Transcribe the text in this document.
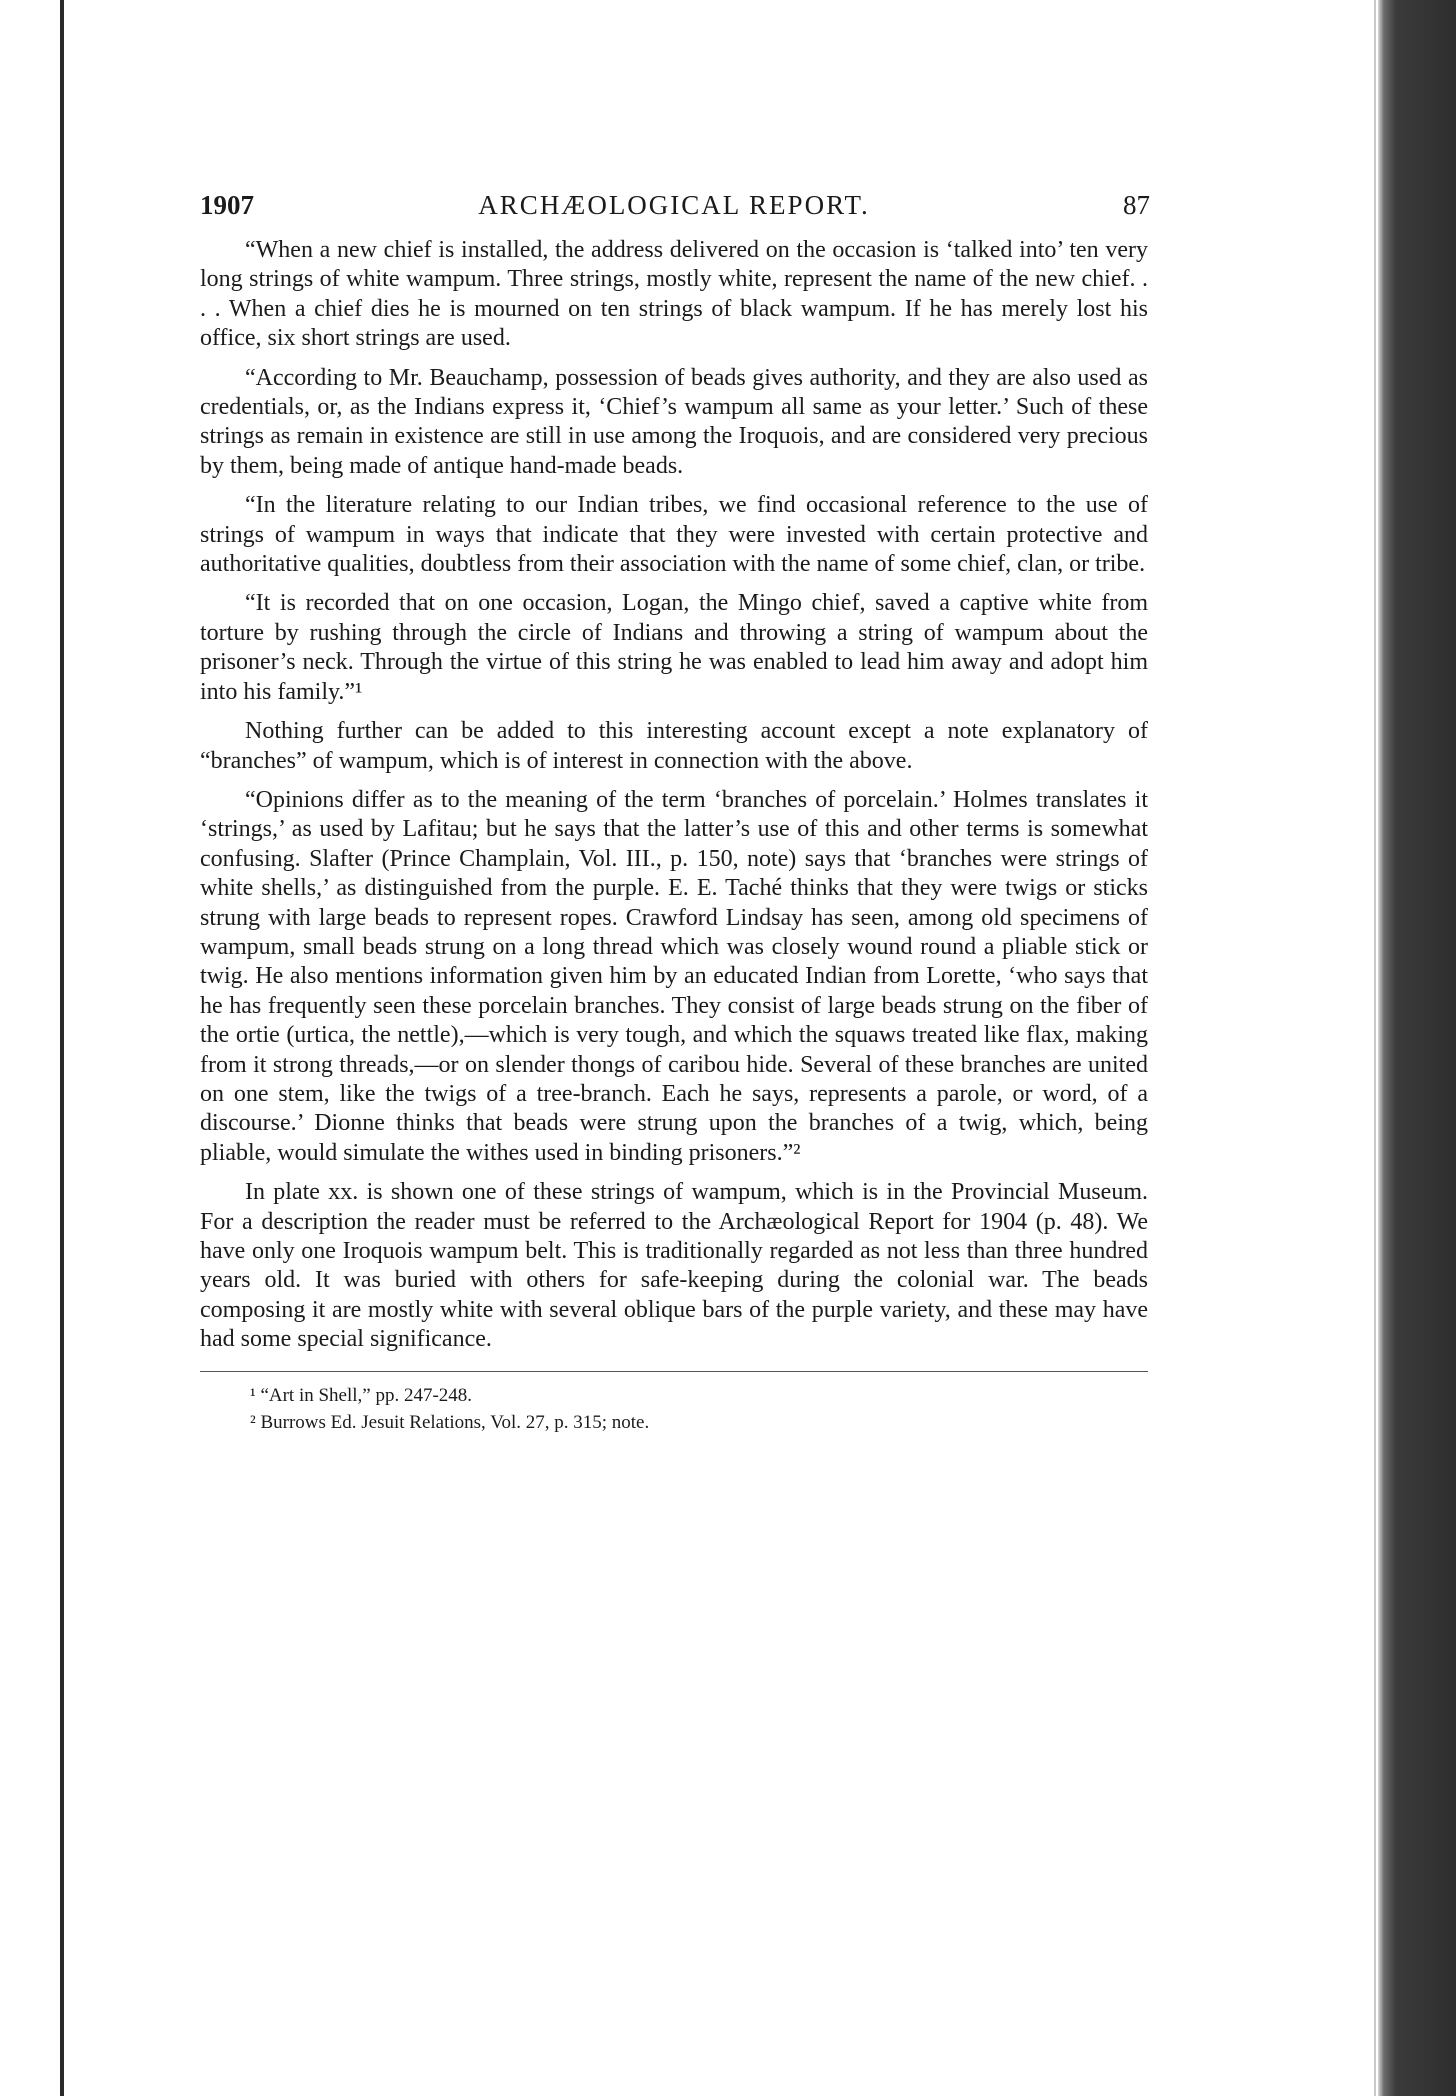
1907	ARCHÆOLOGICAL REPORT.	87

“When a new chief is installed, the address delivered on the occasion is ‘talked into’ ten very long strings of white wampum. Three strings, mostly white, represent the name of the new chief. . . . When a chief dies he is mourned on ten strings of black wampum. If he has merely lost his office, six short strings are used.

“According to Mr. Beauchamp, possession of beads gives authority, and they are also used as credentials, or, as the Indians express it, ‘Chief’s wampum all same as your letter.’ Such of these strings as remain in existence are still in use among the Iroquois, and are considered very precious by them, being made of antique hand-made beads.

“In the literature relating to our Indian tribes, we find occasional reference to the use of strings of wampum in ways that indicate that they were invested with certain protective and authoritative qualities, doubtless from their association with the name of some chief, clan, or tribe.

“It is recorded that on one occasion, Logan, the Mingo chief, saved a captive white from torture by rushing through the circle of Indians and throwing a string of wampum about the prisoner’s neck. Through the virtue of this string he was enabled to lead him away and adopt him into his family.”¹

Nothing further can be added to this interesting account except a note explanatory of “branches” of wampum, which is of interest in connection with the above.

“Opinions differ as to the meaning of the term ‘branches of porcelain.’ Holmes translates it ‘strings,’ as used by Lafitau; but he says that the latter’s use of this and other terms is somewhat confusing. Slafter (Prince Champlain, Vol. III., p. 150, note) says that ‘branches were strings of white shells,’ as distinguished from the purple. E. E. Taché thinks that they were twigs or sticks strung with large beads to represent ropes. Crawford Lindsay has seen, among old specimens of wampum, small beads strung on a long thread which was closely wound round a pliable stick or twig. He also mentions information given him by an educated Indian from Lorette, ‘who says that he has frequently seen these porcelain branches. They consist of large beads strung on the fiber of the ortie (urtica, the nettle),—which is very tough, and which the squaws treated like flax, making from it strong threads,—or on slender thongs of caribou hide. Several of these branches are united on one stem, like the twigs of a tree-branch. Each he says, represents a parole, or word, of a discourse.’ Dionne thinks that beads were strung upon the branches of a twig, which, being pliable, would simulate the withes used in binding prisoners.”²

In plate xx. is shown one of these strings of wampum, which is in the Provincial Museum. For a description the reader must be referred to the Archæological Report for 1904 (p. 48). We have only one Iroquois wampum belt. This is traditionally regarded as not less than three hundred years old. It was buried with others for safe-keeping during the colonial war. The beads composing it are mostly white with several oblique bars of the purple variety, and these may have had some special significance.

¹ “Art in Shell,” pp. 247-248.

² Burrows Ed. Jesuit Relations, Vol. 27, p. 315; note.
